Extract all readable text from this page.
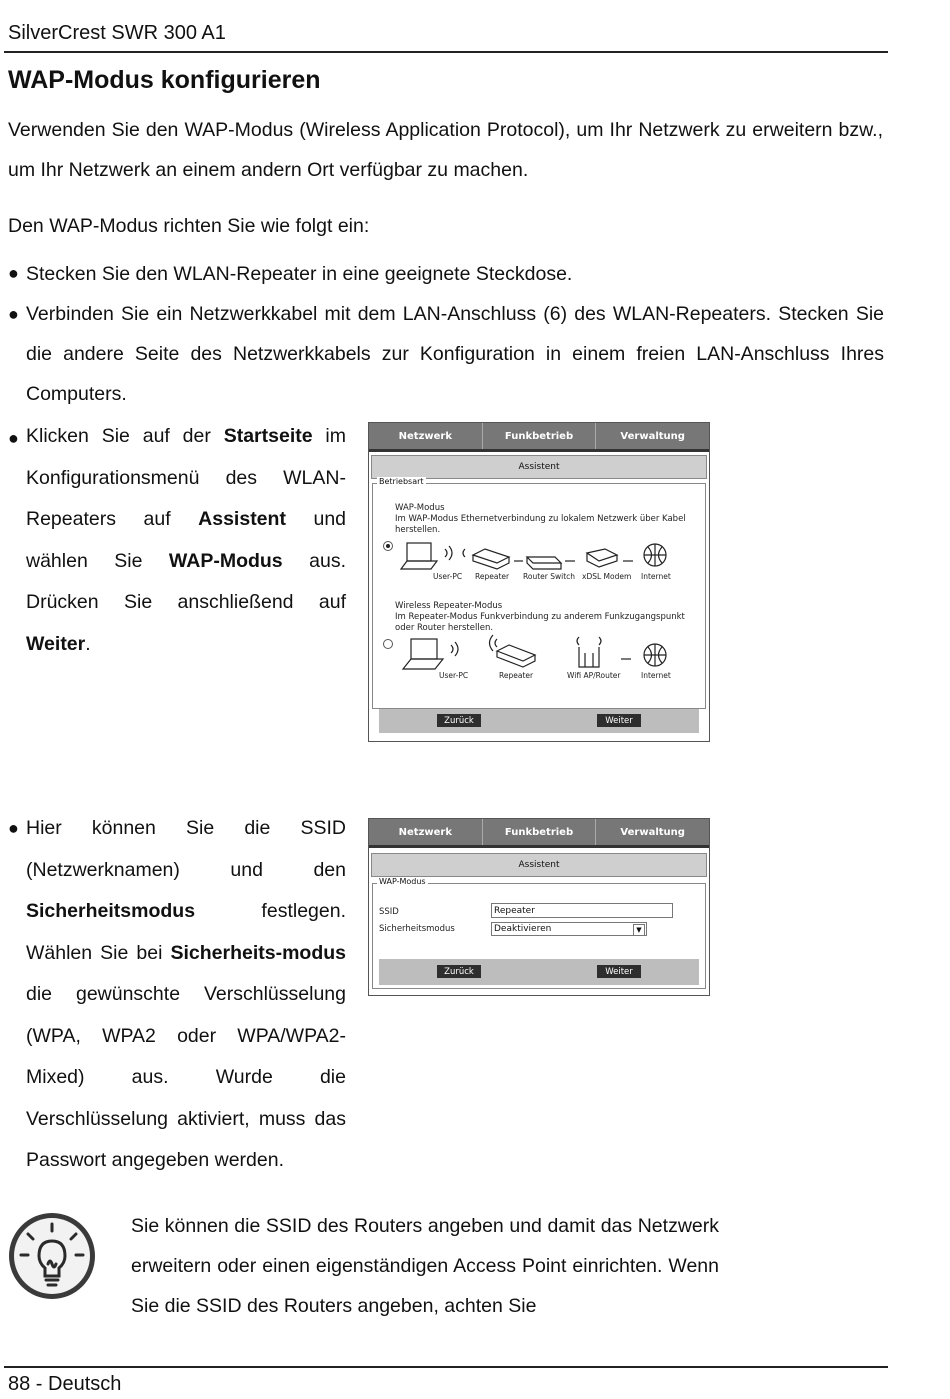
SilverCrest SWR 300 A1
WAP-Modus konfigurieren
Verwenden Sie den WAP-Modus (Wireless Application Protocol), um Ihr Netzwerk zu erweitern bzw., um Ihr Netzwerk an einem andern Ort verfügbar zu machen.
Den WAP-Modus richten Sie wie folgt ein:
● Stecken Sie den WLAN-Repeater in eine geeignete Steckdose.
● Verbinden Sie ein Netzwerkkabel mit dem LAN-Anschluss (6) des WLAN-Repeaters. Stecken Sie die andere Seite des Netzwerkkabels zur Konfiguration in einem freien LAN-Anschluss Ihres Computers.
● Klicken Sie auf der Startseite im Konfigurationsmenü des WLAN-Repeaters auf Assistent und wählen Sie WAP-Modus aus. Drücken Sie anschließend auf Weiter.
Netzwerk	Funkbetrieb	Verwaltung
Assistent
Betriebsart
WAP-Modus
Im WAP-Modus Ethernetverbindung zu lokalem Netzwerk über Kabel herstellen.
User-PC Repeater Router Switch xDSL Modem Internet
Wireless Repeater-Modus
Im Repeater-Modus Funkverbindung zu anderem Funkzugangspunkt oder Router herstellen.
User-PC	Repeater	Wifi AP/Router	Internet
Zurück	Weiter
● Hier können Sie die SSID (Netzwerknamen) und den Sicherheitsmodus festlegen. Wählen Sie bei Sicherheits-modus die gewünschte Verschlüsselung (WPA, WPA2 oder WPA/WPA2-Mixed) aus. Wurde die Verschlüsselung aktiviert, muss das Passwort angegeben werden.
Netzwerk	Funkbetrieb	Verwaltung
Assistent
WAP-Modus
SSID	Repeater
Sicherheitsmodus	Deaktivieren	▼
Zurück	Weiter
Sie können die SSID des Routers angeben und damit das Netzwerk erweitern oder einen eigenständigen Access Point einrichten. Wenn Sie die SSID des Routers angeben, achten Sie
88 - Deutsch
